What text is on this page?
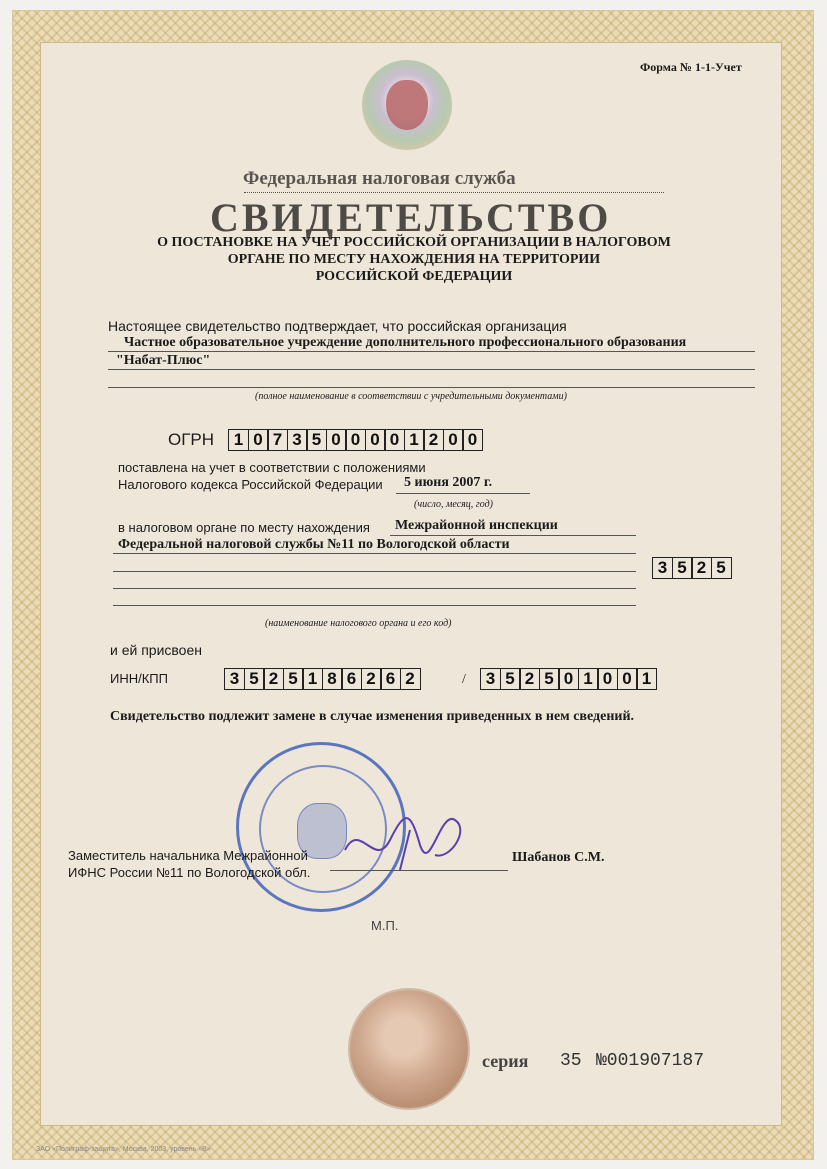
Форма № 1-1-Учет
Федеральная налоговая служба
СВИДЕТЕЛЬСТВО
О ПОСТАНОВКЕ НА УЧЕТ РОССИЙСКОЙ ОРГАНИЗАЦИИ В НАЛОГОВОМ
ОРГАНЕ ПО МЕСТУ НАХОЖДЕНИЯ НА ТЕРРИТОРИИ
РОССИЙСКОЙ ФЕДЕРАЦИИ
Настоящее свидетельство подтверждает, что российская организация
Частное образовательное учреждение дополнительного профессионального образования
"Набат-Плюс"
(полное наименование в соответствии с учредительными документами)
ОГРН	1 0 7 3 5 0 0 0 0 1 2 0 0
поставлена на учет в соответствии с положениями
Налогового кодекса Российской Федерации 5 июня 2007 г.
(число, месяц, год)
в налоговом органе по месту нахождения Межрайонной инспекции
Федеральной налоговой службы №11 по Вологодской области
3 5 2 5
(наименование налогового органа и его код)
и ей присвоен
ИНН/КПП	3 5 2 5 1 8 6 2 6 2	/	3 5 2 5 0 1 0 0 1
Свидетельство подлежит замене в случае изменения приведенных в нем сведений.
Заместитель начальника Межрайонной
ИФНС России №11 по Вологодской обл.
Шабанов С.М.
М.П.
серия 35 №001907187
ЗАО «Полиграф-защита», Москва, 2003, уровень «В»
